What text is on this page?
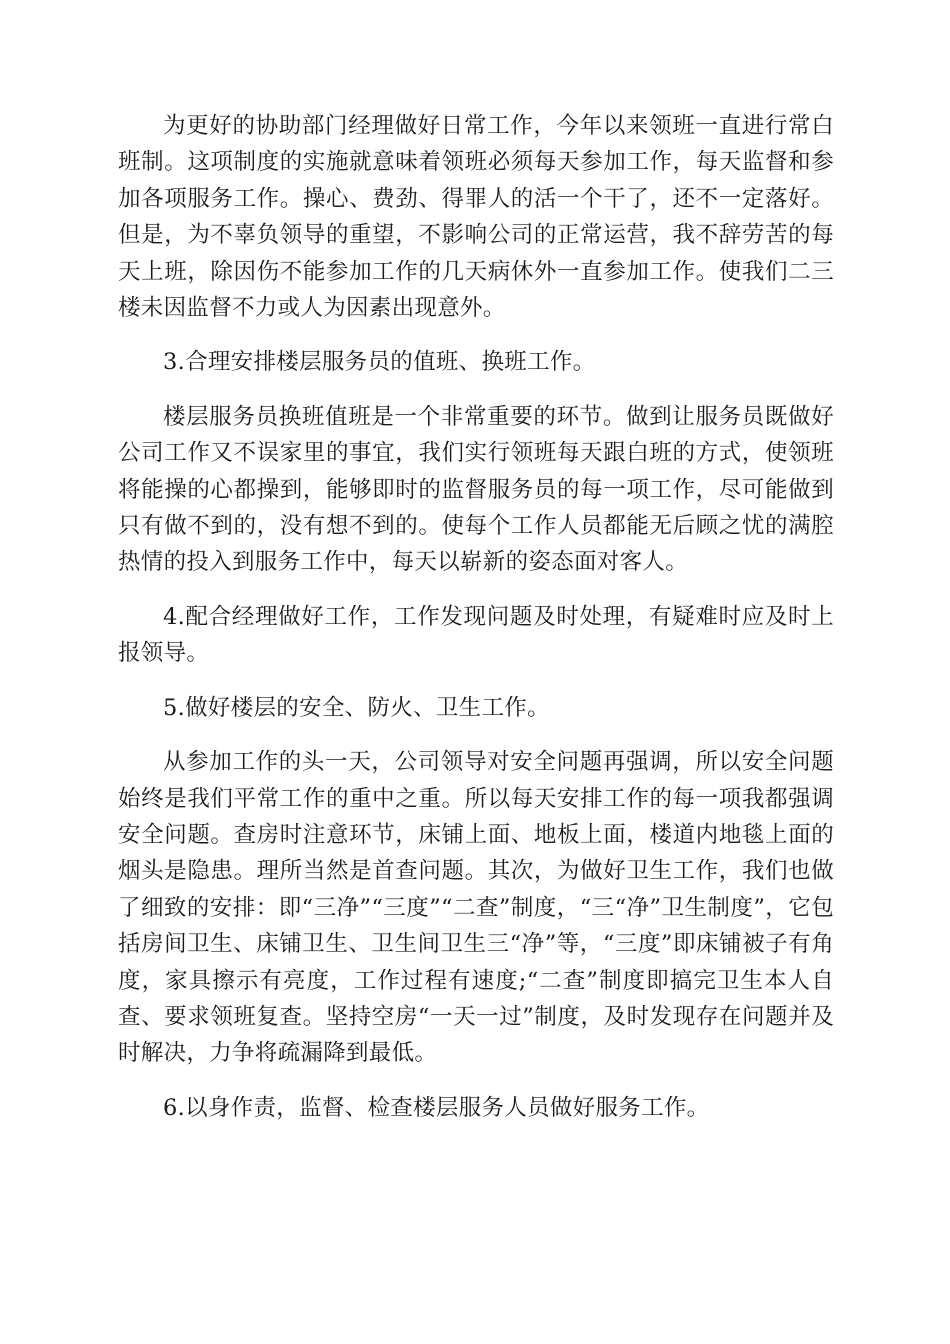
为更好的协助部门经理做好日常工作，今年以来领班一直进行常白班制。这项制度的实施就意味着领班必须每天参加工作，每天监督和参加各项服务工作。操心、费劲、得罪人的活一个干了，还不一定落好。但是，为不辜负领导的重望，不影响公司的正常运营，我不辞劳苦的每天上班，除因伤不能参加工作的几天病休外一直参加工作。使我们二三楼未因监督不力或人为因素出现意外。

3.合理安排楼层服务员的值班、换班工作。

楼层服务员换班值班是一个非常重要的环节。做到让服务员既做好公司工作又不误家里的事宜，我们实行领班每天跟白班的方式，使领班将能操的心都操到，能够即时的监督服务员的每一项工作，尽可能做到只有做不到的，没有想不到的。使每个工作人员都能无后顾之忧的满腔热情的投入到服务工作中，每天以崭新的姿态面对客人。

4.配合经理做好工作，工作发现问题及时处理，有疑难时应及时上报领导。

5.做好楼层的安全、防火、卫生工作。

从参加工作的头一天，公司领导对安全问题再强调，所以安全问题始终是我们平常工作的重中之重。所以每天安排工作的每一项我都强调安全问题。查房时注意环节，床铺上面、地板上面，楼道内地毯上面的烟头是隐患。理所当然是首查问题。其次，为做好卫生工作，我们也做了细致的安排：即“三净”“三度”“二查”制度，“三“净”卫生制度”，它包括房间卫生、床铺卫生、卫生间卫生三“净”等，“三度”即床铺被子有角度，家具擦示有亮度，工作过程有速度;“二查”制度即搞完卫生本人自查、要求领班复查。坚持空房“一天一过”制度，及时发现存在问题并及时解决，力争将疏漏降到最低。

6.以身作责，监督、检查楼层服务人员做好服务工作。
